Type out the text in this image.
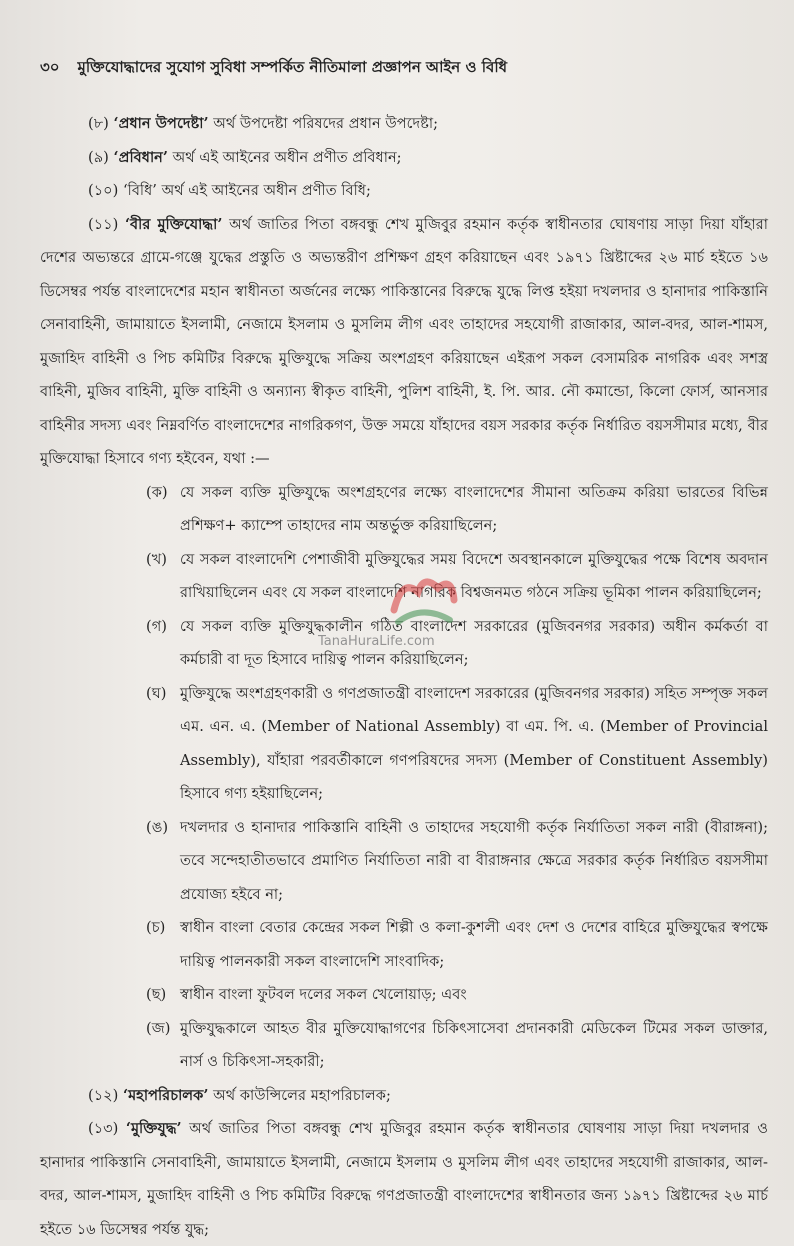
৩০ মুক্তিযোদ্ধাদের সুযোগ সুবিধা সম্পর্কিত নীতিমালা প্রজ্ঞাপন আইন ও বিধি
(৮) ‘প্রধান উপদেষ্টা’ অর্থ উপদেষ্টা পরিষদের প্রধান উপদেষ্টা;
(৯) ‘প্রবিধান’ অর্থ এই আইনের অধীন প্রণীত প্রবিধান;
(১০) ‘বিধি’ অর্থ এই আইনের অধীন প্রণীত বিধি;
(১১) ‘বীর মুক্তিযোদ্ধা’ অর্থ জাতির পিতা বঙ্গবন্ধু শেখ মুজিবুর রহমান কর্তৃক স্বাধীনতার ঘোষণায় সাড়া দিয়া যাঁহারা দেশের অভ্যন্তরে গ্রামে-গঞ্জে যুদ্ধের প্রস্তুতি ও অভ্যন্তরীণ প্রশিক্ষণ গ্রহণ করিয়াছেন এবং ১৯৭১ খ্রিষ্টাব্দের ২৬ মার্চ হইতে ১৬ ডিসেম্বর পর্যন্ত বাংলাদেশের মহান স্বাধীনতা অর্জনের লক্ষ্যে পাকিস্তানের বিরুদ্ধে যুদ্ধে লিপ্ত হইয়া দখলদার ও হানাদার পাকিস্তানি সেনাবাহিনী, জামায়াতে ইসলামী, নেজামে ইসলাম ও মুসলিম লীগ এবং তাহাদের সহযোগী রাজাকার, আল-বদর, আল-শামস, মুজাহিদ বাহিনী ও পিচ কমিটির বিরুদ্ধে মুক্তিযুদ্ধে সক্রিয় অংশগ্রহণ করিয়াছেন এইরূপ সকল বেসামরিক নাগরিক এবং সশস্ত্র বাহিনী, মুজিব বাহিনী, মুক্তি বাহিনী ও অন্যান্য স্বীকৃত বাহিনী, পুলিশ বাহিনী, ই. পি. আর. নৌ কমান্ডো, কিলো ফোর্স, আনসার বাহিনীর সদস্য এবং নিম্নবর্ণিত বাংলাদেশের নাগরিকগণ, উক্ত সময়ে যাঁহাদের বয়স সরকার কর্তৃক নির্ধারিত বয়সসীমার মধ্যে, বীর মুক্তিযোদ্ধা হিসাবে গণ্য হইবেন, যথা :—
(ক) যে সকল ব্যক্তি মুক্তিযুদ্ধে অংশগ্রহণের লক্ষ্যে বাংলাদেশের সীমানা অতিক্রম করিয়া ভারতের বিভিন্ন প্রশিক্ষণ+ ক্যাম্পে তাহাদের নাম অন্তর্ভুক্ত করিয়াছিলেন;
(খ) যে সকল বাংলাদেশি পেশাজীবী মুক্তিযুদ্ধের সময় বিদেশে অবস্থানকালে মুক্তিযুদ্ধের পক্ষে বিশেষ অবদান রাখিয়াছিলেন এবং যে সকল বাংলাদেশি নাগরিক বিশ্বজনমত গঠনে সক্রিয় ভূমিকা পালন করিয়াছিলেন;
(গ) যে সকল ব্যক্তি মুক্তিযুদ্ধকালীন গঠিত বাংলাদেশ সরকারের (মুজিবনগর সরকার) অধীন কর্মকর্তা বা কর্মচারী বা দূত হিসাবে দায়িত্ব পালন করিয়াছিলেন;
(ঘ) মুক্তিযুদ্ধে অংশগ্রহণকারী ও গণপ্রজাতন্ত্রী বাংলাদেশ সরকারের (মুজিবনগর সরকার) সহিত সম্পৃক্ত সকল এম. এন. এ. (Member of National Assembly) বা এম. পি. এ. (Member of Provincial Assembly), যাঁহারা পরবর্তীকালে গণপরিষদের সদস্য (Member of Constituent Assembly) হিসাবে গণ্য হইয়াছিলেন;
(ঙ) দখলদার ও হানাদার পাকিস্তানি বাহিনী ও তাহাদের সহযোগী কর্তৃক নির্যাতিতা সকল নারী (বীরাঙ্গনা); তবে সন্দেহাতীতভাবে প্রমাণিত নির্যাতিতা নারী বা বীরাঙ্গনার ক্ষেত্রে সরকার কর্তৃক নির্ধারিত বয়সসীমা প্রযোজ্য হইবে না;
(চ) স্বাধীন বাংলা বেতার কেন্দ্রের সকল শিল্পী ও কলা-কুশলী এবং দেশ ও দেশের বাহিরে মুক্তিযুদ্ধের স্বপক্ষে দায়িত্ব পালনকারী সকল বাংলাদেশি সাংবাদিক;
(ছ) স্বাধীন বাংলা ফুটবল দলের সকল খেলোয়াড়; এবং
(জ) মুক্তিযুদ্ধকালে আহত বীর মুক্তিযোদ্ধাগণের চিকিৎসাসেবা প্রদানকারী মেডিকেল টিমের সকল ডাক্তার, নার্স ও চিকিৎসা-সহকারী;
(১২) ‘মহাপরিচালক’ অর্থ কাউন্সিলের মহাপরিচালক;
(১৩) ‘মুক্তিযুদ্ধ’ অর্থ জাতির পিতা বঙ্গবন্ধু শেখ মুজিবুর রহমান কর্তৃক স্বাধীনতার ঘোষণায় সাড়া দিয়া দখলদার ও হানাদার পাকিস্তানি সেনাবাহিনী, জামায়াতে ইসলামী, নেজামে ইসলাম ও মুসলিম লীগ এবং তাহাদের সহযোগী রাজাকার, আল-বদর, আল-শামস, মুজাহিদ বাহিনী ও পিচ কমিটির বিরুদ্ধে গণপ্রজাতন্ত্রী বাংলাদেশের স্বাধীনতার জন্য ১৯৭১ খ্রিষ্টাব্দের ২৬ মার্চ হইতে ১৬ ডিসেম্বর পর্যন্ত যুদ্ধ;
TanaHuraLife.com
